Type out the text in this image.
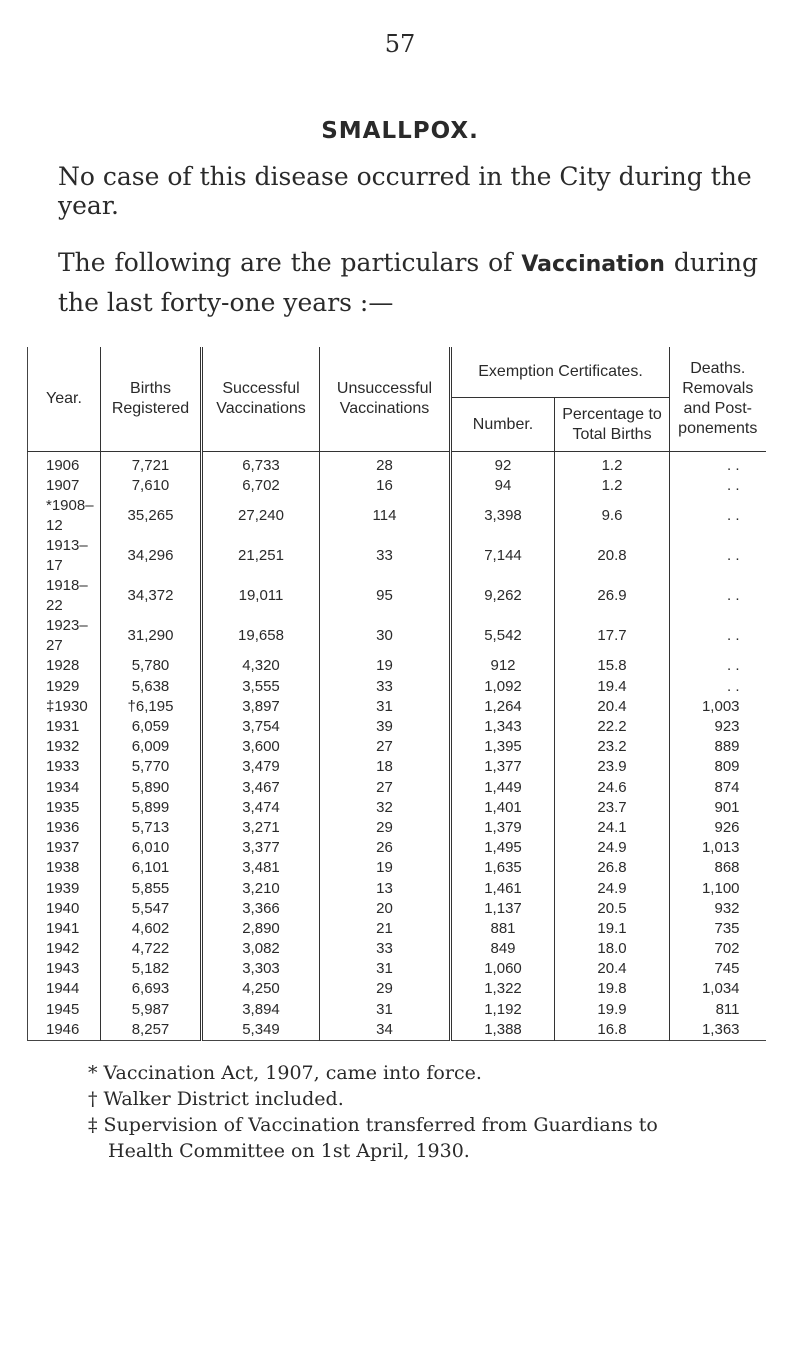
57
SMALLPOX.
No case of this disease occurred in the City during the year.
The following are the particulars of Vaccination during the last forty-one years :—
Year.	Births Registered	Successful Vaccinations	Unsuccessful Vaccinations	Exemption Certificates.		Deaths. Removals and Post-ponements
				Number.	Percentage to Total Births	
1906	7,721	6,733	28	92	1.2	. .
1907	7,610	6,702	16	94	1.2	. .
*1908–12	35,265	27,240	114	3,398	9.6	. .
1913–17	34,296	21,251	33	7,144	20.8	. .
1918–22	34,372	19,011	95	9,262	26.9	. .
1923–27	31,290	19,658	30	5,542	17.7	. .
1928	5,780	4,320	19	912	15.8	. .
1929	5,638	3,555	33	1,092	19.4	. .
‡1930	†6,195	3,897	31	1,264	20.4	1,003
1931	6,059	3,754	39	1,343	22.2	923
1932	6,009	3,600	27	1,395	23.2	889
1933	5,770	3,479	18	1,377	23.9	809
1934	5,890	3,467	27	1,449	24.6	874
1935	5,899	3,474	32	1,401	23.7	901
1936	5,713	3,271	29	1,379	24.1	926
1937	6,010	3,377	26	1,495	24.9	1,013
1938	6,101	3,481	19	1,635	26.8	868
1939	5,855	3,210	13	1,461	24.9	1,100
1940	5,547	3,366	20	1,137	20.5	932
1941	4,602	2,890	21	881	19.1	735
1942	4,722	3,082	33	849	18.0	702
1943	5,182	3,303	31	1,060	20.4	745
1944	6,693	4,250	29	1,322	19.8	1,034
1945	5,987	3,894	31	1,192	19.9	811
1946	8,257	5,349	34	1,388	16.8	1,363
* Vaccination Act, 1907, came into force.
† Walker District included.
‡ Supervision of Vaccination transferred from Guardians to
Health Committee on 1st April, 1930.
